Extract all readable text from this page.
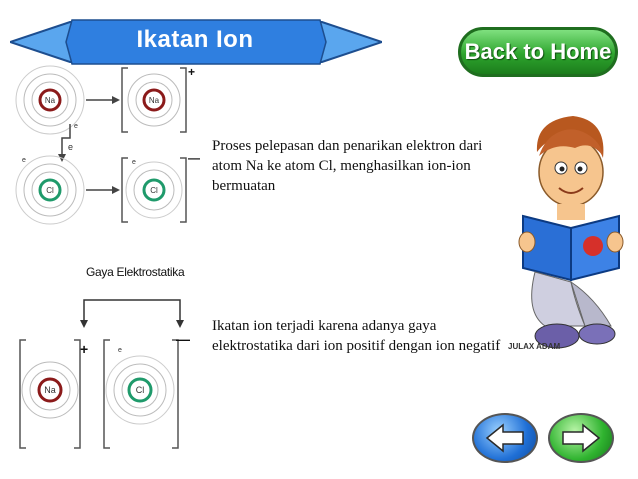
Ikatan Ion	Back to Home
Na	Na
+
e
e
Cl
e
Cl
e	—
Proses pelepasan dan penarikan elektron dari atom Na ke atom Cl, menghasilkan ion-ion bermuatan
Gaya Elektrostatika
Na
+
Cl
e
—
Ikatan ion terjadi karena adanya gaya elektrostatika dari ion positif dengan ion negatif JULAX ADAM
